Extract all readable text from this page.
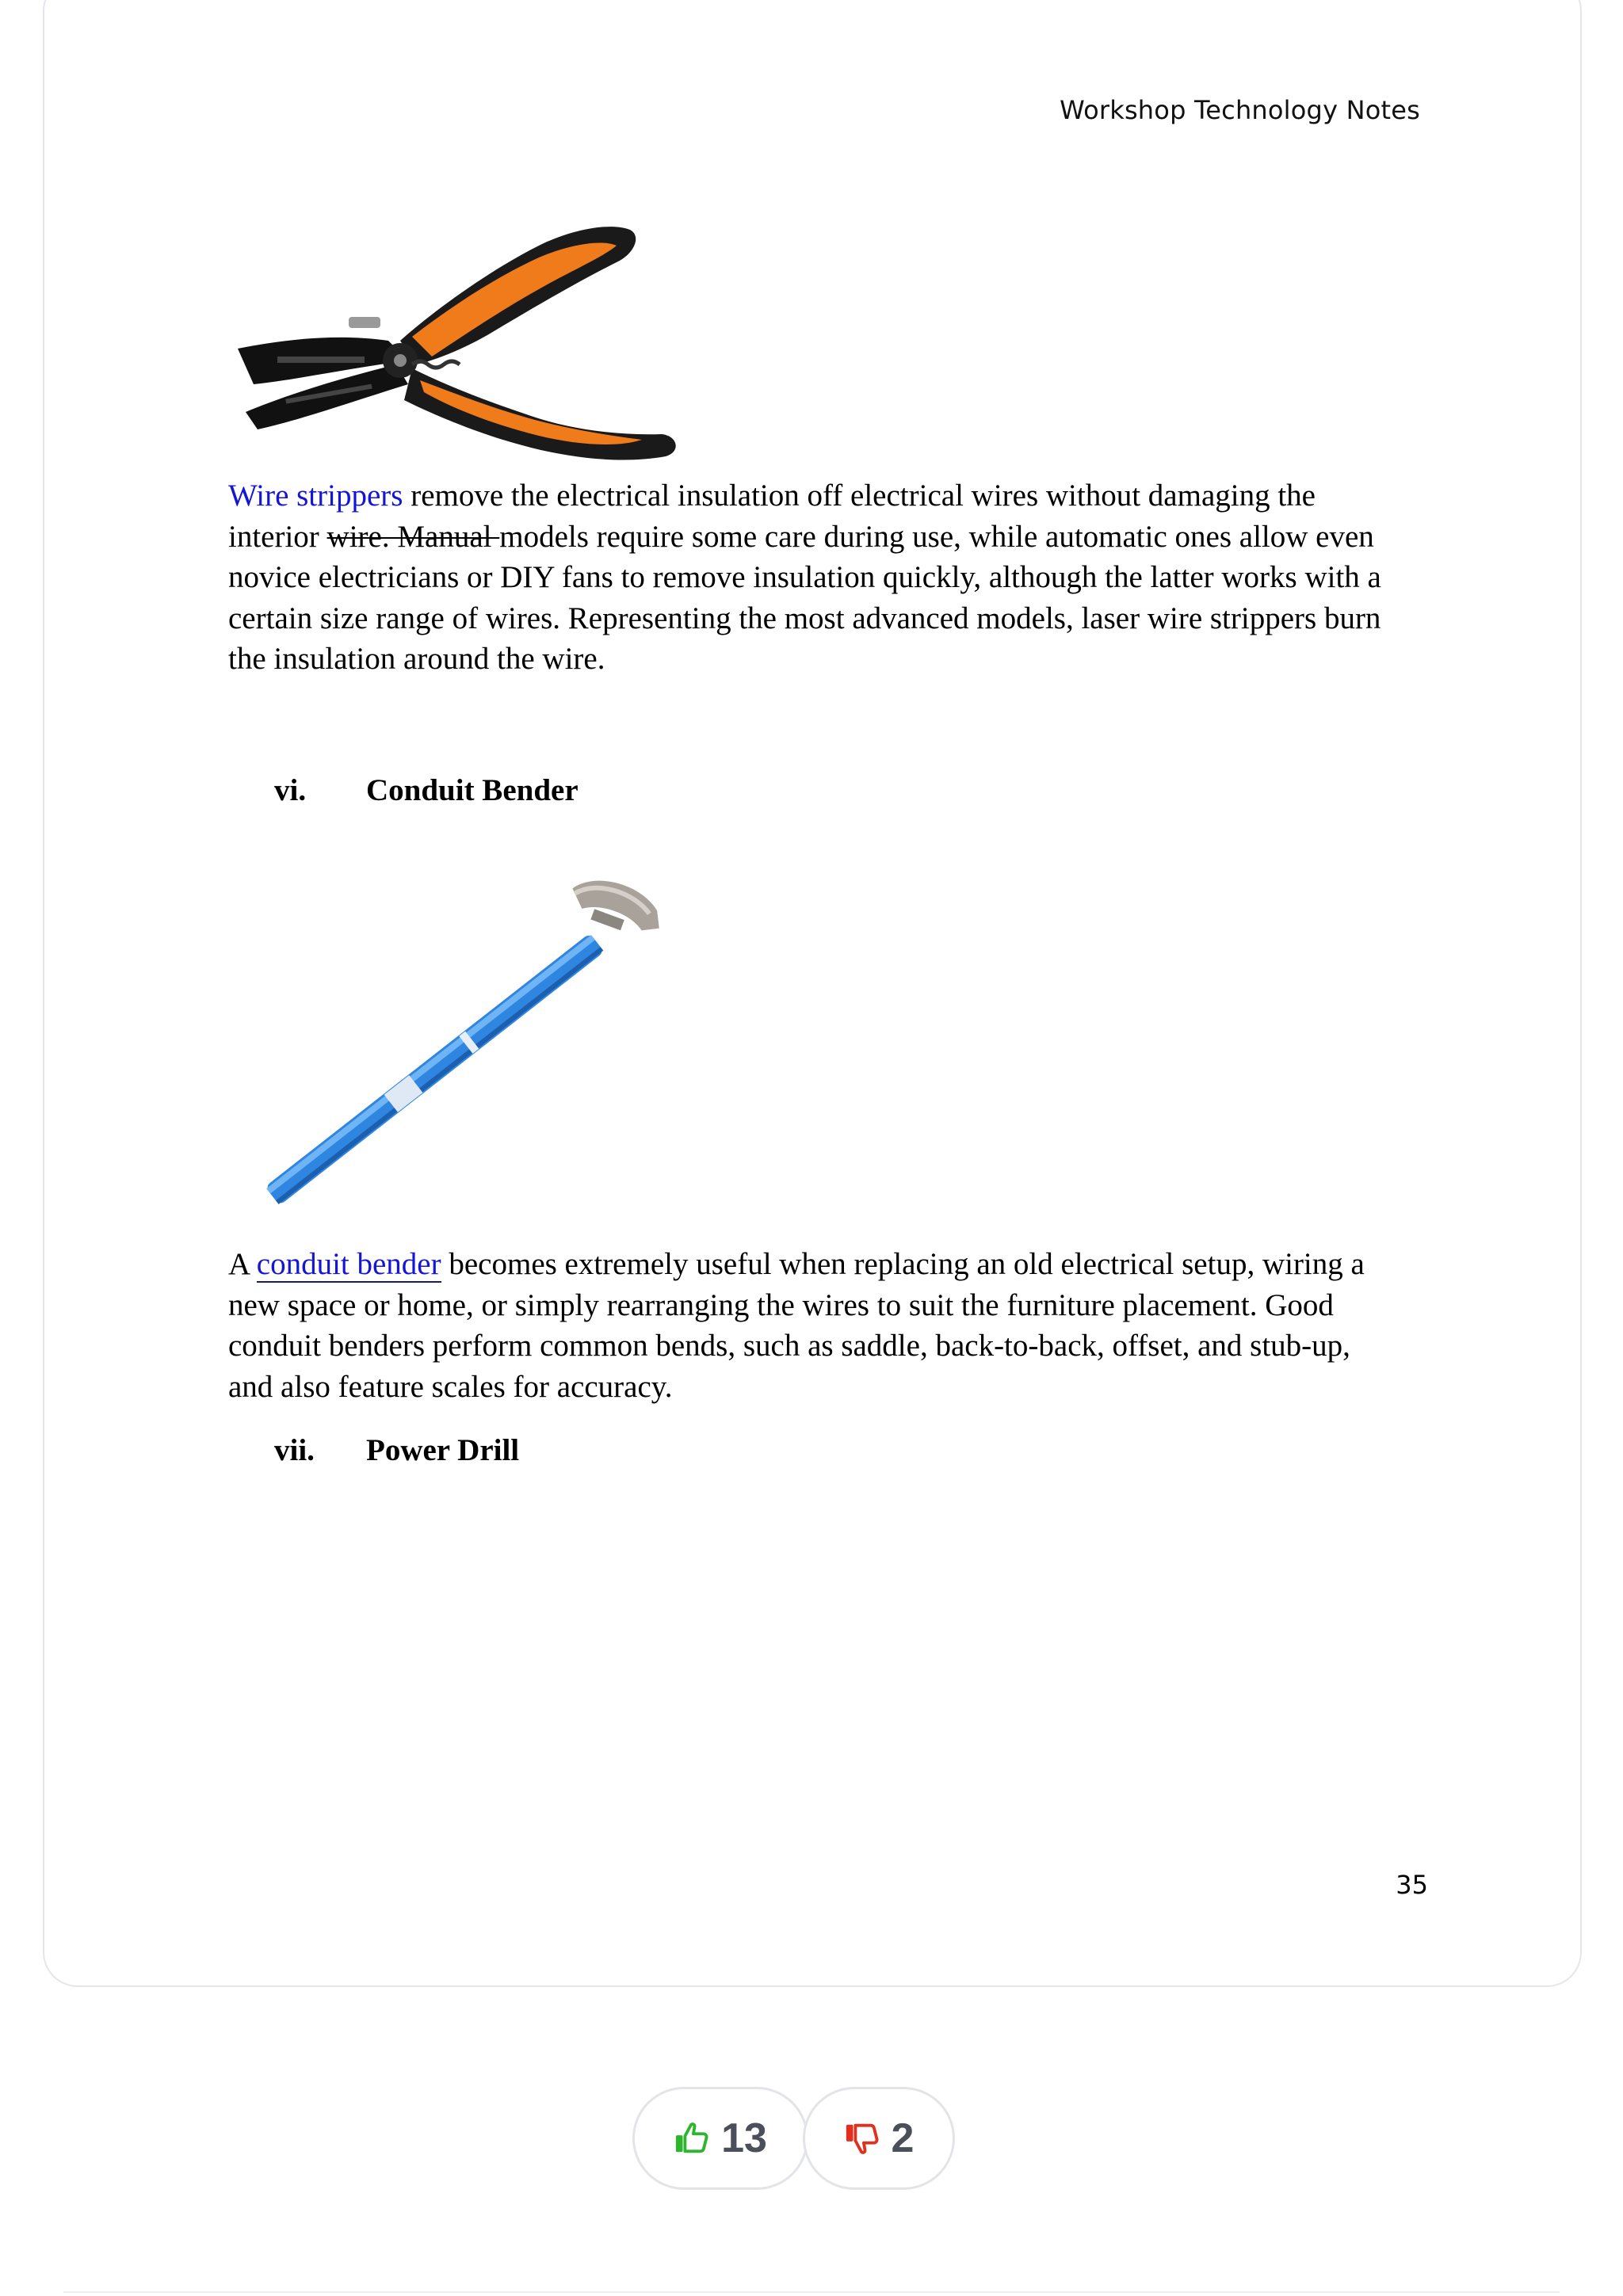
Workshop Technology Notes
Wire strippers remove the electrical insulation off electrical wires without damaging the interior wire. Manual models require some care during use, while automatic ones allow even novice electricians or DIY fans to remove insulation quickly, although the latter works with a certain size range of wires. Representing the most advanced models, laser wire strippers burn the insulation around the wire.
vi. Conduit Bender
A conduit bender becomes extremely useful when replacing an old electrical setup, wiring a new space or home, or simply rearranging the wires to suit the furniture placement. Good conduit benders perform common bends, such as saddle, back-to-back, offset, and stub-up, and also feature scales for accuracy.
vii. Power Drill
35
13	2
